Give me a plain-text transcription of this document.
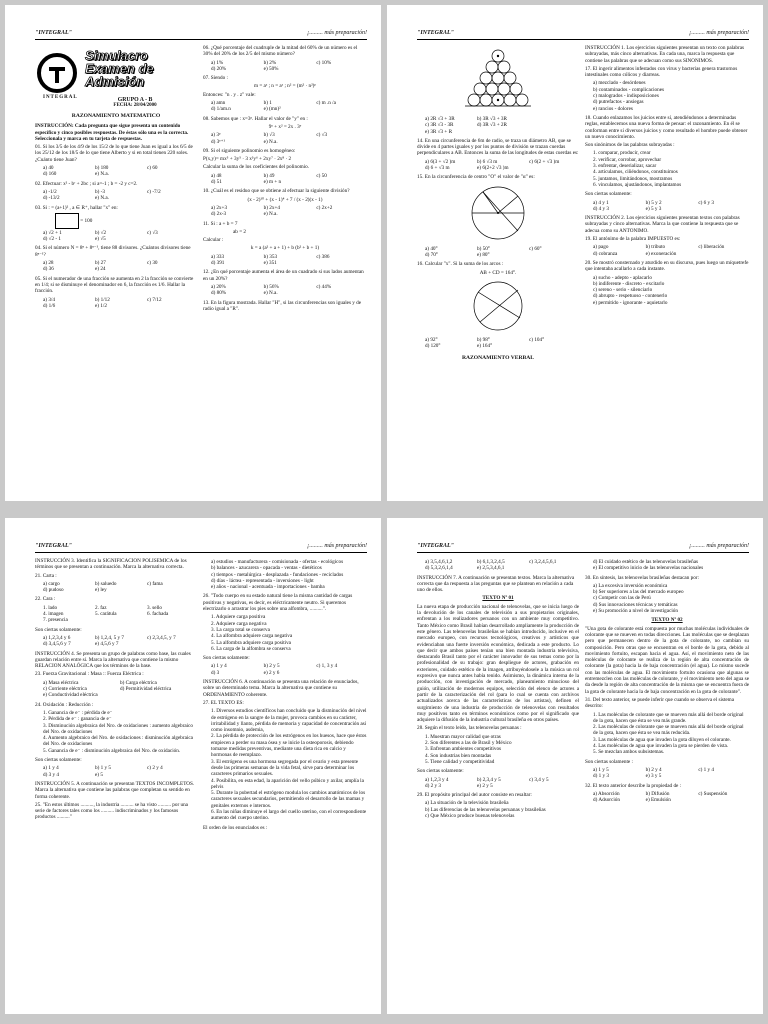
"INTEGRAL"	¡......... más preparación!
Simulacro
Examen de
Admisión
INTEGRAL	GRUPO A - B
FECHA: 28/04/2000
RAZONAMIENTO MATEMATICO

INSTRUCCIÓN: Cada pregunta que sigue presenta un contenido específico y cinco posibles respuestas. De éstas sólo una es la correcta. Seleccionala y marca en tu tarjeta de respuestas.

01. Si los 3/5 de los 4/9 de los 15/2 de lo que tiene Juan es igual a los 6/5 de los 25/12 de los 18/5 de lo que tiene Alberto y si en total tienen 220 soles. ¿Cuánto tiene Juan?

a) 40	b) 180	c) 60
d) 160	e) N.a.

02. Efectuar: x² - bʳ + 2bc ; si a=-1 ; b = -2 y c=2.

a) -1/2	b) -3	c) -7/2
d) -13/2	e) N.a.

03. Si : = (a+1)² , a ∈ R⁺, hallar "x" en:

= 100
a) √2 + 1	b) √2	c) √3
d) √2 - 1	e) √5

04. Si el número N = 8ⁿ + 8ⁿ⁻¹, tiene 88 divisores. ¿Cuántos divisores tiene 8ⁿ⁻¹?

a) 28	b) 27	c) 30
d) 36	e) 24

05. Si el numerador de una fracción se aumenta en 2 la fracción se convierte en 1/4; si se disminuye el denominador en 6, la fracción es 1/6. Hallar la fracción.

a) 3/4	b) 1/12	c) 7/12
d) 1/6	e) 1/2

06. ¿Qué porcentaje del cuadruple de la mitad del 60% de un número es el 30% del 20% de los 2/5 del mismo número?

a) 1%	b) 2%	c) 10%
d) 20%	e) 50%

07. Siendo :

m = aᵃ ; n = aᵃ ; n² = (m² · n²)ᵖ

Entonces: "n . y . z" vale:

a) amn	b) 1	c) m .n /a
d) 1/am.n	e) (mn)²

08. Sabemos que : x=3ᵖ. Hallar el valor de "y" en :

9ʸ + x² = 2x . 3ʸ

a) 3ᵖ	b) √3	c) √3
d) 3ʸ⁺¹	e) N.a.

09. Si el siguiente polinomio es homogéneo:

P(x,y)= mx⁵ + 3y⁵ · 3 x²y⁶ + 2xy⁷ · 2x⁸ · 2

Calcular la suma de los coeficientes del polinomio.

a) 48	b) 49	c) 50
d) 51	e) m + n

10. ¿Cuál es el residuo que se obtiene al efectuar la siguiente división?

(x - 2)¹⁰ + (x - 1)⁴ + 7 / (x - 2)(x - 1)

a) 2x+3	b) 2x+4	c) 2x+2
d) 2x-3	e) N.a.

11. Si : a + b = 7

ab = 2

Calcular :

k = a (a² + a + 1) + b (b² + b + 1)

a) 333	b) 353	c) 386
d) 391	e) 351

12. ¿En qué porcentaje aumenta el área de un cuadrado si sus lados aumentan en un 20%?

a) 20%	b) 56%	c) 44%
d) 80%	e) N.a.

13. En la figura mostrada. Hallar "H", si las circunferencias son iguales y de radio igual a "R".

"INTEGRAL"	¡......... más preparación!
a) 2R √3 + 3R	b) 3R √3 + 3R
c) 3R √3 - 3R	d) 3R √3 + 2R
e) 3R √3 + R

14. En una circunferencia de 6m de radio, se traza un diámetro AB, que se divide en 4 partes iguales y por los puntos de división se trazan cuerdas perpendiculares a AB. Entonces la suma de las longitudes de estas cuerdas es:

a) 6(3 + √2 )m	b) 6 √3 m	c) 6(2 + √3 )m
d) 6 + √3 m	e) 6(2+2 √3 )m

15. En la circunferencia de centro "O" el valor de "α" es:

a) 40°	b) 50°	c) 60°
d) 70°	e) 80°

16. Calcular "x". Si la suma de los arcos :

AB + CD = 164°.

a) 92°	b) 98°	c) 104°
d) 120°	e) 164°
RAZONAMIENTO VERBAL

INSTRUCCIÓN 1. Los ejercicios siguientes presentan un texto con palabras subrayadas, más cinco alternativas. En cada una, marca la respuesta que contiene las palabras que se adecuan como sus SINONIMOS.

17. El ingerir alimentos infestados con virus y bacterias genera trastornos intestinales como cólicos y diarreas.

a) mezclado - desórdenes
b) contaminados - complicaciones
c) malogrados - indisposiciones
d) putrefactos - ansiegas
e) rancios - dolores

18. Cuando enlazamos los juicios entre sí, atendiéndonos a determinadas reglas, establecemos una nueva forma de pensar: el razonamiento. En él se conforman entre sí diversos juicios y como resultado el hombre puede obtener un nuevo conocimiento.

Son sinónimos de las palabras subrayadas :

1. comparar, producir, crear
2. verificar, corrobar, aprovechar
3. enfrentar, deserializar, sacar
4. articulamos, ciñéndonos, constituimos
5. juntamos, limitándonos, mostramos
6. vinculamos, ajustándonos, implantamos

Son ciertas solamente:

a) 4 y 1	b) 5 y 2	c) 6 y 3
d) 4 y 3	e) 5 y 3

INSTRUCCIÓN 2. Los ejercicios siguientes presentan textos con palabras subrayadas y cinco alternativas. Marca la que contiene la respuesta que se adecua como su ANTONIMO.

19. El antónimo de la palabra IMPUESTO es:

a) pago	b) tributo	c) liberación
d) cobranza	e) exoneración

20. Se mostró consternado y aturdido en su discurso, pues luego un míquetrefe que intentaba acallarlo a cada instante.

a) sucho - adepto - aplacarlo
b) indiferente - discreto - excitarlo
c) sereno - serio - silenciarlo
d) abrupto - respetuoso - contenerlo
e) permitido - ignorante - aquietarlo
"INTEGRAL"	¡......... más preparación!

INSTRUCCIÓN 3. Identifica la SIGNIFICACION POLISEMICA de los términos que se presentan a continuación. Marca la alternativa correcta.

21. Carta :

a) cargo	b) saluedo	c) fama
d) pudoso	e) ley

22. Cara :

1. lado	2. faz	3. sello
4. imagen	5. carátula	6. fachada
7. presencia

Son ciertas solamente:

a) 1,2,3,4 y 6	b) 1,2,4, 5 y 7	c) 2,3,4,5, y 7
d) 3,4,5,6 y 7	e) 4,5,6 y 7

INSTRUCCIÓN 4. Se presenta un grupo de palabras como base, las cuales guardan relación entre sí. Marca la alternativa que contiene la mismo RELACION ANALÓGICA que los términos de la base.

23. Fuerza Gravitacional : Masa :: Fuerza Eléctrica :

a) Masa eléctrica	b) Carga eléctrica
c) Corriente eléctrica	d) Permitividad eléctrica
e) Conductividad eléctrica

24. Oxidación : Reducción :

1. Ganancia de e⁻ : pérdida de e⁻
2. Pérdida de e⁻ : ganancia de e⁻
3. Disminución algebraica del Nro. de oxidaciones : aumento algebraico del Nro. de oxidaciones
4. Aumento algebraico del Nro. de oxidaciones : disminución algebraica del Nro. de oxidaciones
5. Ganancia de e⁻ : disminución algebraica del Nro. de oxidación.

Son ciertas solamente:

a) 1 y 4	b) 1 y 5	c) 2 y 4
d) 3 y 4	e) 5

INSTRUCCIÓN 5. A continuación se presentan TEXTOS INCOMPLETOS. Marca la alternativa que contiene las palabras que completan su sentido en forma coherente.

25. "En estos últimos .........., la industria .......... se ha visto .......... por una serie de factores tales como los .......... indiscriminados y los famosos productos .........."

a) estudios - manufacturera - comisionada - ofertas - ecológicos
b) balances - azucarera - opacada - ventas - dietéticos
c) tiempos - metalúrgica - desplazada - fundaciones - reciclados
d) días - láctea - representada - inversiones - light
e) años - nacional - acentuada - importaciones - bamba

26. "Todo cuerpo en su estado natural tiene la misma cantidad de cargas positivas y negativas, es decir, es eléctricamente neutro. Si queremos electrizarlo o arrastrar los pies sobre una alfombra, ..........".

1. Adquiere carga positiva
2. Adquiere carga negativa
3. La carga total se conserva
4. La alfombra adquiere carga negativa
5. La alfombra adquiere carga positiva
6. La carga de la alfombra se conserva

Son ciertas solamente:

a) 1 y 4	b) 2 y 5	c) 1, 3 y 4
d) 3	e) 2 y 6

INSTRUCCIÓN 6. A continuación se presenta una relación de enunciados, sobre un determinado tema. Marca la alternativa que contiene su ORDENAMIENTO coherente.

27. EL TEXTO ES:

1. Diversos estudios científicos han concluido que la disminución del nivel de estrógeno en la sangre de la mujer, provoca cambios en su carácter, irritabilidad y llanto, pérdida de memoria y capacidad de concentración así como insomnio, asdemia,
2. La pérdida de protección de los estrógenos en los huesos, hace que éstos empiecen a perder su masa ósea y se inicie la osteoporosis, debiendo tomarse medidas preventivas, mediante una dieta rica en calcio y hormonas de reemplazo.
3. El estrógeno es una hormona segregada por el ovario y esta presente desde las primeras semanas de la vida fetal, sirve para determinar los caracteres primarios sexuales.
4. Posibilita, en esta edad, la aparición del vello púbico y axilar, amplía la pelvis
5. Durante la pubertad el estrógeno modula los cambios anatómicos de los caracteres sexuales secundarios, permitiendo el desarrollo de las mamas y genitales externos e internos.
6. En las niñas diminuye el largo del cuello uterino, con el correspondiente aumento del cuerpo uterino.

El orden de los enunciados es :

"INTEGRAL"	¡......... más preparación!
a) 3,5,4,6,1,2	b) 6,1,3,2,4,5	c) 3,2,4,5,6,1
d) 5,3,2,6,1,4	e) 2,5,3,4,6,1

INSTRUCCIÓN 7. A continuación se presentan textos. Marca la alternativa correcta que da respuesta a las preguntas que se plantean en relación a cada uno de ellos.

TEXTO Nº 01

La nueva etapa de producción nacional de telenovelas, que se inicia luego de la devolución de los canales de televisión a sus propietarios originales, enfrentan a los realizadores peruanos con un ambiente muy competitivo. Tanto México como Brasil habían desarrollado ampliamente la producción de este género. Las telenovelas brasileñas se habían introducido, inclusive en el mercado europeo, con recursos tecnológicos, creativos y artísticos que evidenciaban una fuerte inversión económica, dedicada a este producto. Lo que decir que ambos países tenían una bien montada industria televisiva, destacando Brasil tanto por el carácter innovador de sus temas como por la profesionalidad de su trabajo: gran despliegue de actores, grabación en exteriores, cuidado estético de la imagen, atribuyéndosele a la música un rol expresivo que nunca antes había tenido. Asimismo, la dinámica interna de la producción, con investigación de mercado, planeamiento minucioso del guión, utilización de modernos equipos, selección del elenco de actores a partir de la caracterización del rol (para lo cual se cuenta con archivos actualizados acerca de las características de los artistas), definen el surgimiento de una industria de producción de telenovelas con resultados muy positivos tanto en términos económicos como por el significado que adquiere la difusión de la industria cultural brasileña en otros países.

28. Según el texto leído, las telenovelas peruanas :

1. Muestran mayor calidad que otras
2. Son diferentes a las de Brasil y México
3. Enfrentan ambientes competitivos
4. Son industrias bien montadas
5. Tiene calidad y competitividad

Son ciertas solamente:

a) 1,2,3 y 4	b) 2,3,4 y 5	c) 3,4 y 5
d) 2 y 3	e) 2 y 5

29. El propósito principal del autor consiste en resaltar:

a) La situación de la televisión brasileña
b) Las diferencias de las telenovelas peruanas y brasileñas
c) Que México produce buenas telenovelas
d) El cuidado estético de las telenovelas brasileñas
e) El competitivo inicio de las telenovelas nacionales

30. En síntesis, las telenovelas brasileñas destacan por:

a) La excesiva inversión económica
b) Ser superiores a las del mercado europeo
c) Competir con las de Perú
d) Sus innovaciones técnicas y temáticas
e) Su promoción a nivel de investigación

TEXTO Nº 02

"Una gota de colorante está compuesta por muchas moléculas individuales de colorante que se mueven en todas direcciones. Las moléculas que se desplazan pero que permanecen dentro de la gota de colorante, no cambian su composición. Pero otras que se encuentran en el borde de la gota, debido al movimiento fortuito, escapan hacia el agua. Así, el movimiento neto de las moléculas de colorante se realiza de la región de alta concentración de colorante (la gota) hacia la de baja concentración (el agua). Lo mismo sucede con las moléculas de agua. El movimiento fortuito ocasiona que algunas se entremezclen con las moléculas de colorante, y el movimiento neto del agua se da desde la región de alta concentración de la misma que se encuentra fuera de la gota de colorante hacia la de baja concentración en la gota de colorante".

31. Del texto anterior, se puede inferir que cuando se observa el sistema descrito:

1. Las moléculas de colorante que se mueven más allá del borde original de la gota, hacen que ésta se vea más grande.
2. Las moléculas de colorante que se mueven más allá del borde original de la gota, hacen que ésta se vea más reducida.
3. Las moléculas de agua que invaden la gota diluyen el colorante.
4. Las moléculas de agua que invaden la gota se pierden de vista.
5. Se mezclan ambos subsistemas.

Son ciertas solamente :

a) 1 y 5	b) 2 y 4	c) 1 y 4
d) 1 y 3	e) 3 y 5

32. El texto anterior describe la propiedad de :

a) Absorción	b) Difusión	c) Suspensión
d) Adsorción	e) Emulsión
